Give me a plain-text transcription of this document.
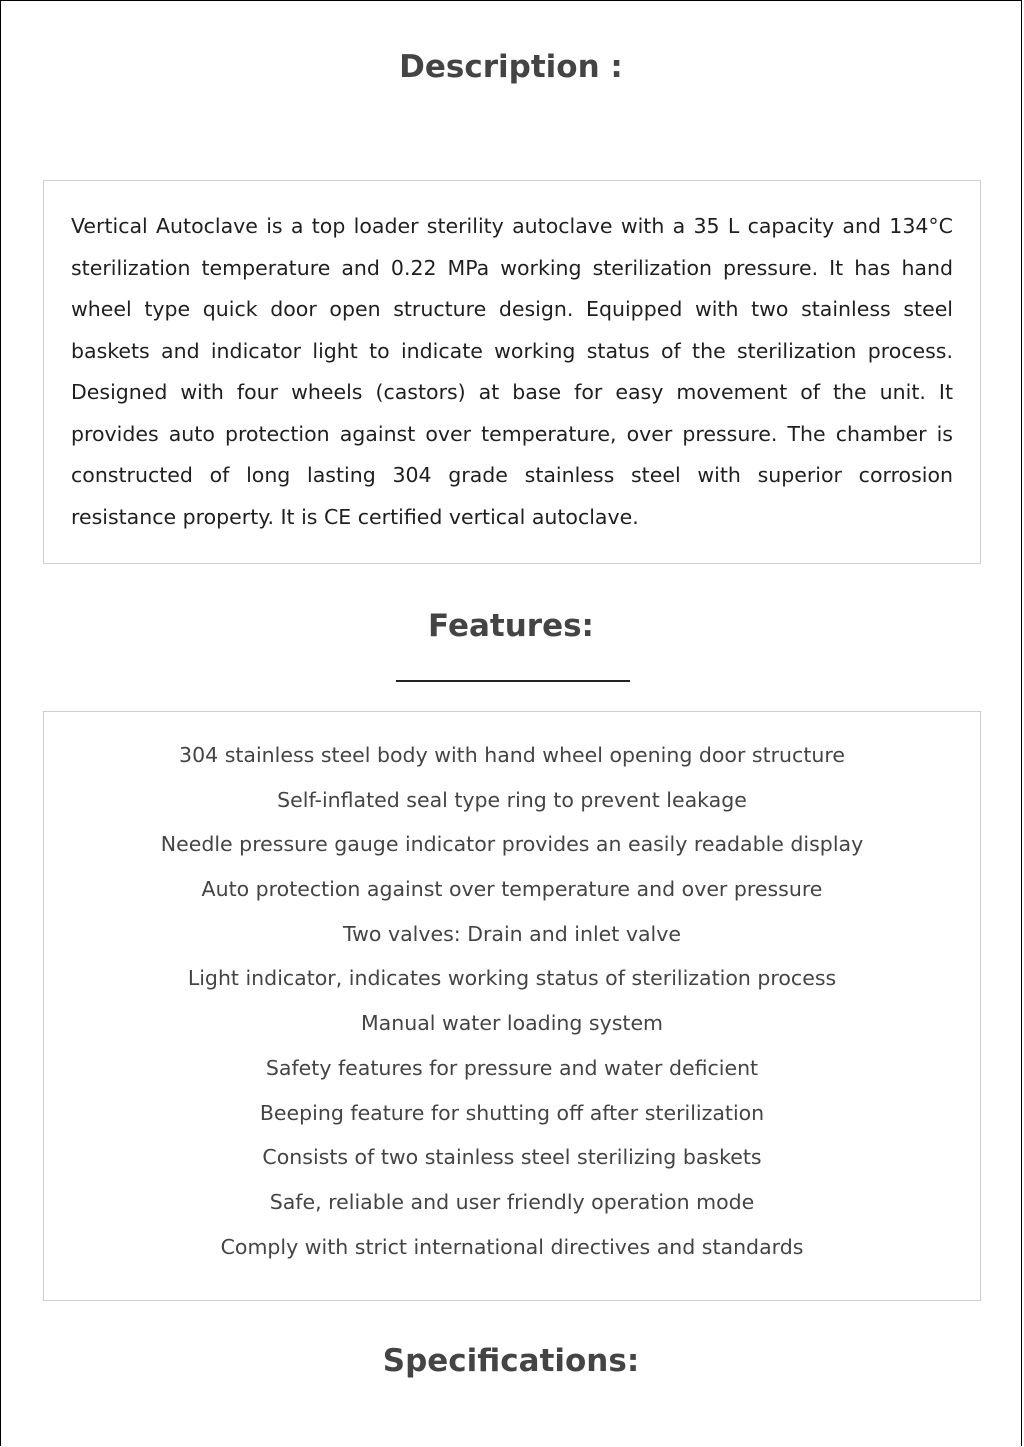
Description :

Vertical Autoclave is a top loader sterility autoclave with a 35 L capacity and 134°C sterilization temperature and 0.22 MPa working sterilization pressure. It has hand wheel type quick door open structure design. Equipped with two stainless steel baskets and indicator light to indicate working status of the sterilization process. Designed with four wheels (castors) at base for easy movement of the unit. It provides auto protection against over temperature, over pressure. The chamber is constructed of long lasting 304 grade stainless steel with superior corrosion resistance property. It is CE certified vertical autoclave.

Features:
304 stainless steel body with hand wheel opening door structure
Self-inflated seal type ring to prevent leakage
Needle pressure gauge indicator provides an easily readable display
Auto protection against over temperature and over pressure
Two valves: Drain and inlet valve
Light indicator, indicates working status of sterilization process
Manual water loading system
Safety features for pressure and water deficient
Beeping feature for shutting off after sterilization
Consists of two stainless steel sterilizing baskets
Safe, reliable and user friendly operation mode
Comply with strict international directives and standards
Specifications:
